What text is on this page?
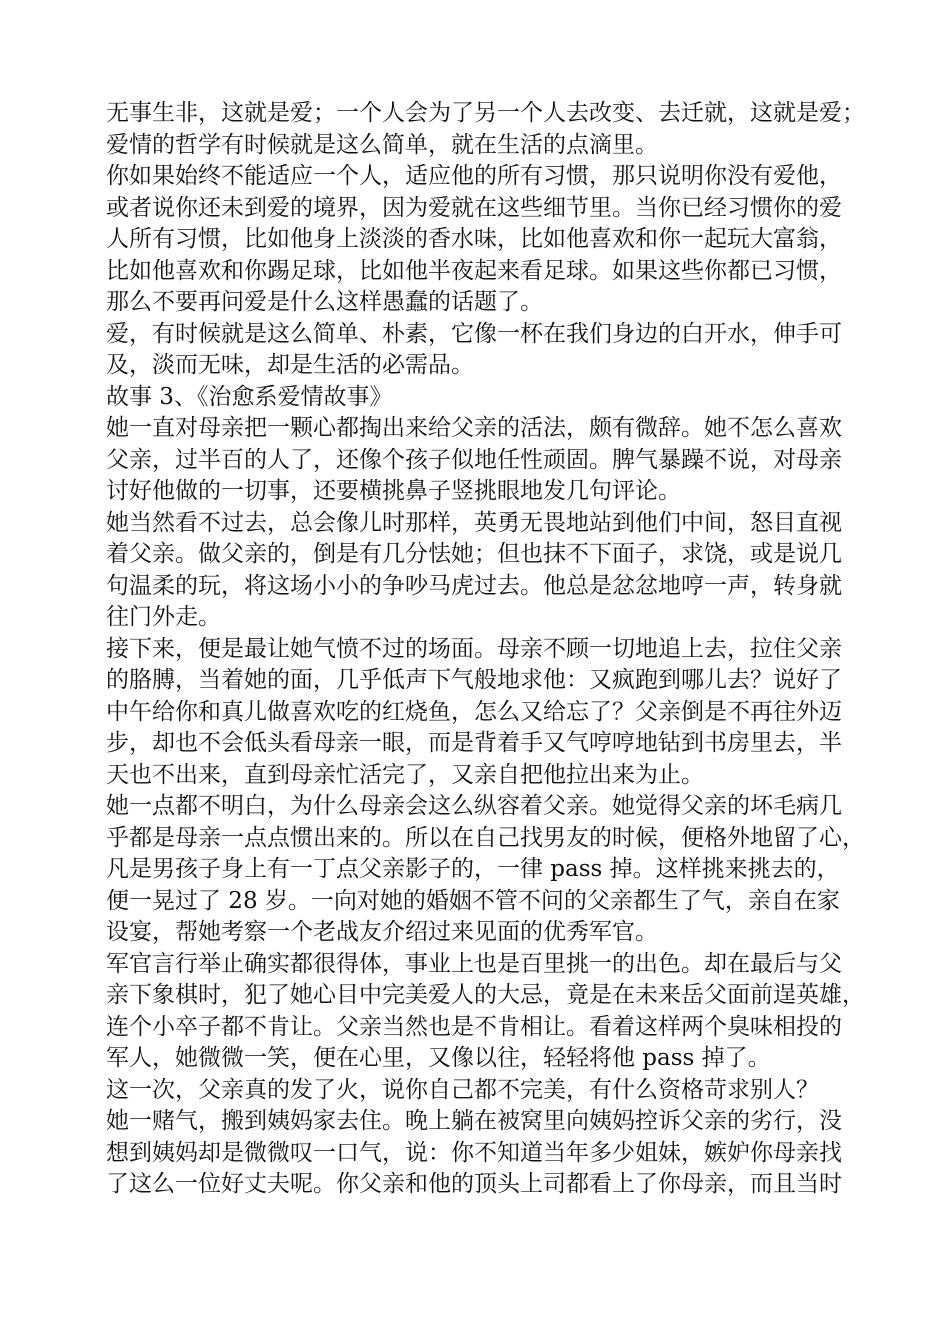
无事生非，这就是爱；一个人会为了另一个人去改变、去迁就，这就是爱；
爱情的哲学有时候就是这么简单，就在生活的点滴里。
你如果始终不能适应一个人，适应他的所有习惯，那只说明你没有爱他，
或者说你还未到爱的境界，因为爱就在这些细节里。当你已经习惯你的爱
人所有习惯，比如他身上淡淡的香水味，比如他喜欢和你一起玩大富翁，
比如他喜欢和你踢足球，比如他半夜起来看足球。如果这些你都已习惯，
那么不要再问爱是什么这样愚蠢的话题了。
爱，有时候就是这么简单、朴素，它像一杯在我们身边的白开水，伸手可
及，淡而无味，却是生活的必需品。
故事 3、《治愈系爱情故事》
她一直对母亲把一颗心都掏出来给父亲的活法，颇有微辞。她不怎么喜欢
父亲，过半百的人了，还像个孩子似地任性顽固。脾气暴躁不说，对母亲
讨好他做的一切事，还要横挑鼻子竖挑眼地发几句评论。
她当然看不过去，总会像儿时那样，英勇无畏地站到他们中间，怒目直视
着父亲。做父亲的，倒是有几分怯她；但也抹不下面子，求饶，或是说几
句温柔的玩，将这场小小的争吵马虎过去。他总是忿忿地哼一声，转身就
往门外走。
接下来，便是最让她气愤不过的场面。母亲不顾一切地追上去，拉住父亲
的胳膊，当着她的面，几乎低声下气般地求他：又疯跑到哪儿去？说好了
中午给你和真儿做喜欢吃的红烧鱼，怎么又给忘了？父亲倒是不再往外迈
步，却也不会低头看母亲一眼，而是背着手又气哼哼地钻到书房里去，半
天也不出来，直到母亲忙活完了，又亲自把他拉出来为止。
她一点都不明白，为什么母亲会这么纵容着父亲。她觉得父亲的坏毛病几
乎都是母亲一点点惯出来的。所以在自己找男友的时候，便格外地留了心，
凡是男孩子身上有一丁点父亲影子的，一律 pass 掉。这样挑来挑去的，
便一晃过了 28 岁。一向对她的婚姻不管不问的父亲都生了气，亲自在家
设宴，帮她考察一个老战友介绍过来见面的优秀军官。
军官言行举止确实都很得体，事业上也是百里挑一的出色。却在最后与父
亲下象棋时，犯了她心目中完美爱人的大忌，竟是在未来岳父面前逞英雄，
连个小卒子都不肯让。父亲当然也是不肯相让。看着这样两个臭味相投的
军人，她微微一笑，便在心里，又像以往，轻轻将他 pass 掉了。
这一次，父亲真的发了火，说你自己都不完美，有什么资格苛求别人？
她一赌气，搬到姨妈家去住。晚上躺在被窝里向姨妈控诉父亲的劣行，没
想到姨妈却是微微叹一口气，说：你不知道当年多少姐妹，嫉妒你母亲找
了这么一位好丈夫呢。你父亲和他的顶头上司都看上了你母亲，而且当时
